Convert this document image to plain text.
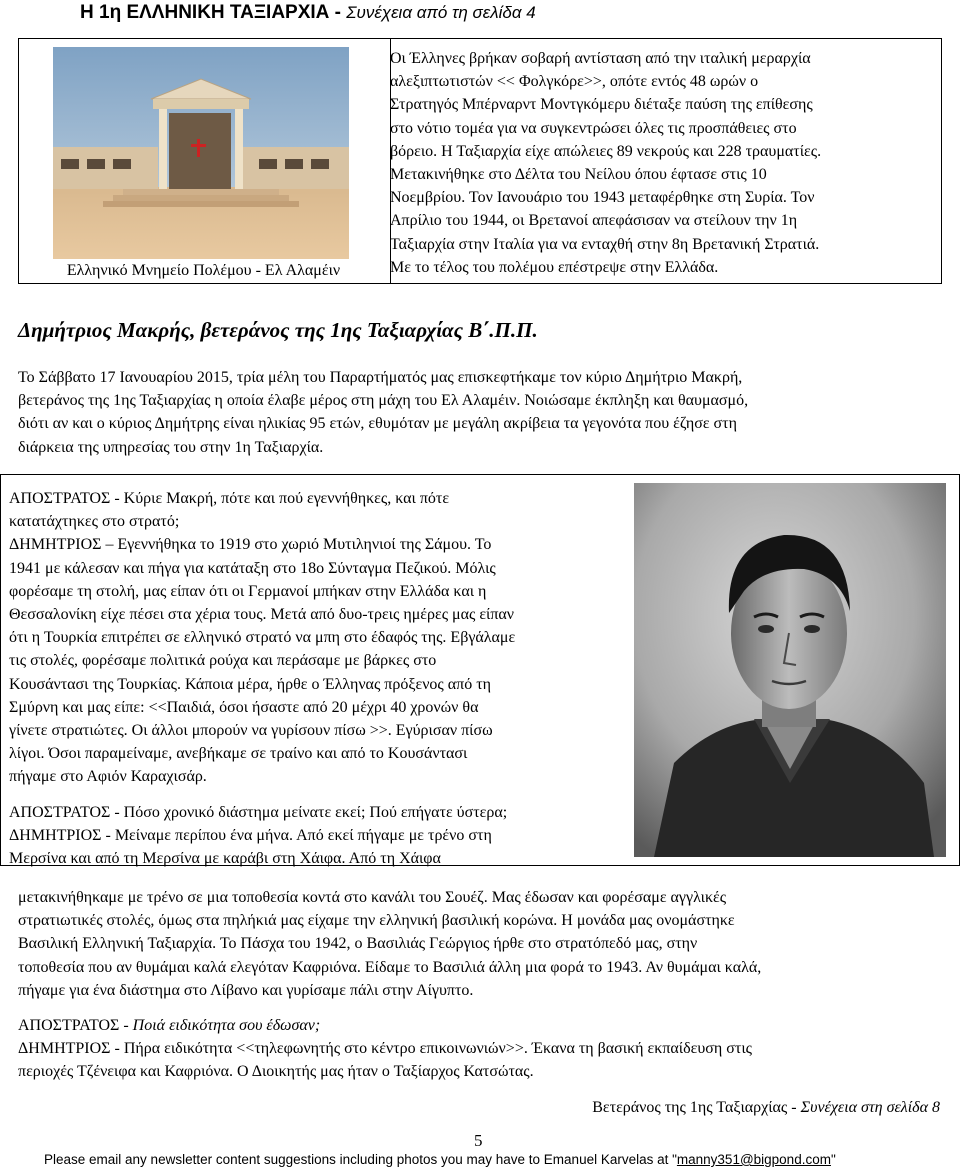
Η 1η ΕΛΛΗΝΙΚΗ ΤΑΞΙΑΡΧΙΑ - Συνέχεια από τη σελίδα 4
Ελληνικό Μνημείο Πολέμου - Ελ Αλαμέιν
Οι Έλληνες βρήκαν σοβαρή αντίσταση από την ιταλική μεραρχία
αλεξιπτωτιστών << Φολγκόρε>>, οπότε εντός 48 ωρών ο
Στρατηγός Μπέρναρντ Μοντγκόμερυ διέταξε παύση της επίθεσης
στο νότιο τομέα για να συγκεντρώσει όλες τις προσπάθειες στο
βόρειο. Η Ταξιαρχία είχε απώλειες 89 νεκρούς και 228 τραυματίες.
Μετακινήθηκε στο Δέλτα του Νείλου όπου έφτασε στις 10
Νοεμβρίου. Τον Ιανουάριο του 1943 μεταφέρθηκε στη Συρία. Τον
Απρίλιο του 1944, οι Βρετανοί απεφάσισαν να στείλουν την 1η
Ταξιαρχία στην Ιταλία για να ενταχθή στην 8η Βρετανική Στρατιά.
Με το τέλος του πολέμου επέστρεψε στην Ελλάδα.
Δημήτριος Μακρής, βετεράνος της 1ης Ταξιαρχίας Β΄.Π.Π.
Το Σάββατο 17 Ιανουαρίου 2015, τρία μέλη του Παραρτήματός μας επισκεφτήκαμε τον κύριο Δημήτριο Μακρή,
βετεράνος της 1ης Ταξιαρχίας η οποία έλαβε μέρος στη μάχη του Ελ Αλαμέιν. Νοιώσαμε έκπληξη και θαυμασμό,
διότι αν και ο κύριος Δημήτρης είναι ηλικίας 95 ετών, εθυμόταν με μεγάλη ακρίβεια τα γεγονότα που έζησε στη
διάρκεια της υπηρεσίας του στην 1η Ταξιαρχία.
ΑΠΟΣΤΡΑΤΟΣ - Κύριε Μακρή, πότε και πού εγεννήθηκες, και πότε
κατατάχτηκες στο στρατό;
ΔΗΜΗΤΡΙΟΣ – Εγεννήθηκα το 1919 στο χωριό Μυτιληνιοί της Σάμου. Το
1941 με κάλεσαν και πήγα για κατάταξη στο 18ο Σύνταγμα Πεζικού. Μόλις
φορέσαμε τη στολή, μας είπαν ότι οι Γερμανοί μπήκαν στην Ελλάδα και η
Θεσσαλονίκη είχε πέσει στα χέρια τους. Μετά από δυο-τρεις ημέρες μας είπαν
ότι η Τουρκία επιτρέπει σε ελληνικό στρατό να μπη στο έδαφός της. Εβγάλαμε
τις στολές, φορέσαμε πολιτικά ρούχα και περάσαμε με βάρκες στο
Κουσάντασι της Τουρκίας. Κάποια μέρα, ήρθε ο Έλληνας πρόξενος από τη
Σμύρνη και μας είπε: <<Παιδιά, όσοι ήσαστε από 20 μέχρι 40 χρονών θα
γίνετε στρατιώτες. Οι άλλοι μπορούν να γυρίσουν πίσω >>. Εγύρισαν πίσω
λίγοι. Όσοι παραμείναμε, ανεβήκαμε σε τραίνο και από το Κουσάντασι
πήγαμε στο Αφιόν Καραχισάρ.
ΑΠΟΣΤΡΑΤΟΣ - Πόσο χρονικό διάστημα μείνατε εκεί; Πού επήγατε ύστερα;
ΔΗΜΗΤΡΙΟΣ - Μείναμε περίπου ένα μήνα. Από εκεί πήγαμε με τρένο στη
Μερσίνα και από τη Μερσίνα με καράβι στη Χάιφα. Από τη Χάιφα
μετακινήθηκαμε με τρένο σε μια τοποθεσία κοντά στο κανάλι του Σουέζ. Μας έδωσαν και φορέσαμε αγγλικές
στρατιωτικές στολές, όμως στα πηλήκιά μας είχαμε την ελληνική βασιλική κορώνα. Η μονάδα μας ονομάστηκε
Βασιλική Ελληνική Ταξιαρχία. Το Πάσχα του 1942, ο Βασιλιάς Γεώργιος ήρθε στο στρατόπεδό μας, στην
τοποθεσία που αν θυμάμαι καλά ελεγόταν Καφριόνα. Είδαμε το Βασιλιά άλλη μια φορά το 1943. Αν θυμάμαι καλά,
πήγαμε για ένα διάστημα στο Λίβανο και γυρίσαμε πάλι στην Αίγυπτο.
ΑΠΟΣΤΡΑΤΟΣ - Ποιά ειδικότητα σου έδωσαν;
ΔΗΜΗΤΡΙΟΣ - Πήρα ειδικότητα <<τηλεφωνητής στο κέντρο επικοινωνιών>>. Έκανα τη βασική εκπαίδευση στις
περιοχές Τζένειφα και Καφριόνα. Ο Διοικητής μας ήταν ο Ταξίαρχος Κατσώτας.
Βετεράνος της 1ης Ταξιαρχίας - Συνέχεια στη σελίδα 8
5
Please email any newsletter content suggestions including photos you may have to Emanuel Karvelas at "manny351@bigpond.com"
